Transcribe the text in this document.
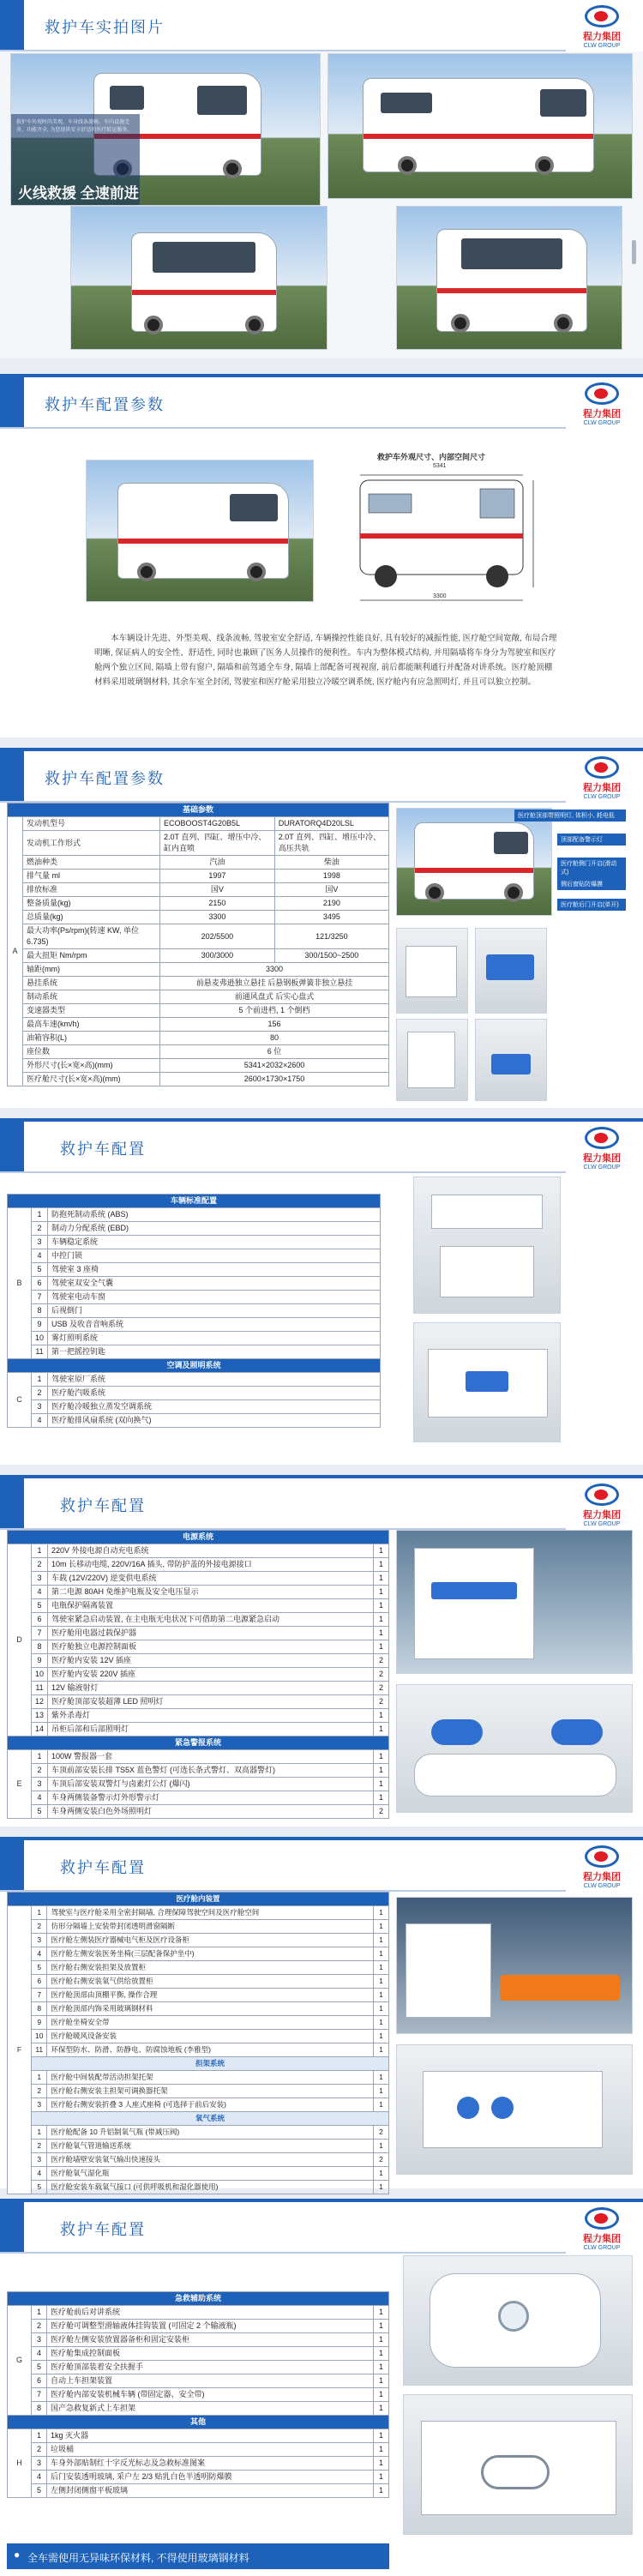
救护车实拍图片	程力集团
CLW GROUP
救护车外观时尚美观、车身线条流畅、车内设施完善、功能齐全, 为您提供安全舒适的医疗转运服务。
火线救援 全速前进
救护车配置参数	程力集团
CLW GROUP
救护车外观尺寸、内部空间尺寸
5341
3300
本车辆设计先进、外型美观、线条流畅, 驾驶室安全舒适, 车辆操控性能良好, 具有较好的减振性能, 医疗舱空间宽敞, 布局合理明晰, 保证病人的安全性、舒适性, 同时也兼顾了医务人员操作的便利性。车内为整体模式结构, 并用隔墙将车身分为驾驶室和医疗舱两个独立区间, 隔墙上带有窗户, 隔墙和前驾通全车身, 隔墙上部配备可视视窗, 前后都能顺利通行并配备对讲系统。医疗舱顶棚材料采用玻璃钢材料, 其余车室全封闭, 驾驶室和医疗舱采用独立冷暖空调系统, 医疗舱内有应急照明灯, 并且可以独立控制。
救护车配置参数	程力集团
CLW GROUP
基础参数			
A	发动机型号	ECOBOOST4G20B5L	DURATORQ4D20LSL
	发动机工作形式	2.0T 直列、四缸、增压中冷、缸内直喷	2.0T 直列、四缸、增压中冷、高压共轨
	燃油种类	汽油	柴油
	排气量 ml	1997	1998
	排放标准	国V	国V
	整备质量(kg)	2150	2190
	总质量(kg)	3300	3495
	最大功率(Ps/rpm)(转速 KW, 单位 6.735)	202/5500	121/3250
	最大扭矩 Nm/rpm	300/3000	300/1500~2500
	轴距(mm)	3300	
	悬挂系统	前悬麦弗逊独立悬挂 后悬钢板弹簧非独立悬挂	
	制动系统	前通风盘式 后实心盘式	
	变速器类型	5 个前进档, 1 个倒档	
	最高车速(km/h)	156	
	油箱容积(L)	80	
	座位数	6 位	
	外形尺寸(长×宽×高)(mm)	5341×2032×2600	
	医疗舱尺寸(长×宽×高)(mm)	2600×1730×1750	
医疗舱顶部带照明灯, 体积小, 耗电低
顶部配备警示灯
医疗舱侧门开启(滑动式)
侧后窗贴防爆膜
医疗舱后门开启(单开)
救护车配置	程力集团
CLW GROUP
车辆标准配置		
B	1	防抱死制动系统 (ABS)
	2	制动力分配系统 (EBD)
	3	车辆稳定系统
	4	中控门锁
	5	驾驶室 3 座椅
	6	驾驶室双安全气囊
	7	驾驶室电动车窗
	8	后视倒门
	9	USB 及收音音响系统
	10	雾灯照明系统
	11	第一把摇控钥匙
空调及照明系统		
C	1	驾驶室原厂系统
	2	医疗舱汽吸系统
	3	医疗舱冷暖独立蒸发空调系统
	4	医疗舱排风扇系统 (双向换气)
救护车配置	程力集团
CLW GROUP
电源系统			
D	1	220V 外接电源自动充电系统	1
	2	10m 长移动电缆, 220V/16A 插头, 带防护盖的外接电源接口	1
	3	车载 (12V/220V) 逆变供电系统	1
	4	第二电源 80AH 免维护电瓶及安全电压显示	1
	5	电瓶保护隔离装置	1
	6	驾驶室紧急启动装置, 在主电瓶无电状况下可借助第二电源紧急启动	1
	7	医疗舱用电器过载保护器	1
	8	医疗舱独立电源控制面板	1
	9	医疗舱内安装 12V 插座	2
	10	医疗舱内安装 220V 插座	2
	11	12V 输液射灯	2
	12	医疗舱顶部安装超薄 LED 照明灯	2
	13	紫外杀毒灯	1
	14	吊柜后部和后部照明灯	1
紧急警报系统			
E	1	100W 警报器一套	1
	2	车顶前部安装长排 TS5X 蓝色警灯 (可选长条式警灯、双高器警灯)	1
	3	车顶后部安装双警灯与卤素灯公灯 (爆闪)	1
	4	车身两侧装备警示灯外形警示灯	1
	5	车身两侧安装白色外场照明灯	2
救护车配置	程力集团
CLW GROUP
医疗舱内装置			
F	1	驾驶室与医疗舱采用全密封隔墙, 合理保障驾驶空间及医疗舱空间	1
	2	仿形分隔墙上安装带封闭透明滑窗隔断	1
	3	医疗舱左侧装医疗器械电气柜及医疗设备柜	1
	4	医疗舱左侧安装医务坐椅(三层配备保护坐中)	1
	5	医疗舱右侧安装担架及放置柜	1
	6	医疗舱右侧安装氧气供给放置柜	1
	7	医疗舱顶部由顶棚平衡, 操作合理	1
	8	医疗舱顶部内饰采用玻璃钢材料	1
	9	医疗舱坐椅安全带	1
	10	医疗舱暖风设备安装	1
	11	环保型防水、防滑、防静电、防腐蚀地板 (李雅型)	1
	担架系统		
	1	医疗舱中间装配带活动担架托架	1
	2	医疗舱右侧安装主担架可调换器托架	1
	3	医疗舱右侧安装折叠 3 人座式座椅 (可选择于前后安装)	1
	氧气系统		
	1	医疗舱配备 10 升铝制氧气瓶 (带减压阀)	2
	2	医疗舱氧气管道输送系统	1
	3	医疗舱墙壁安装氧气输出快速接头	2
	4	医疗舱氧气湿化瓶	1
	5	医疗舱安装车载氧气接口 (可供呼吸机和湿化器使用)	1
救护车配置	程力集团
CLW GROUP
急救辅助系统			
G	1	医疗舱前后对讲系统	1
	2	医疗舱可调整型滑轴液体挂钩装置 (可固定 2 个输液瓶)	1
	3	医疗舱左侧安装放置器备柜和固定安装柜	1
	4	医疗舱集成控制面板	1
	5	医疗舱顶部装着安全扶握手	1
	6	自动上车担架装置	1
	7	医疗舱内部安装机械车辆 (带固定器、安全带)	1
	8	国产急救复新式上车担架	1
其他			
H	1	1kg 灭火器	1
	2	垃圾桶	1
	3	车身外部贴制红十字反光标志及急救标准图案	1
	4	后门安装透明玻璃, 采户左 2/3 贴乳白色半透明防爆膜	1
	5	左侧封闭侧窗平板玻璃	1
● 全车需使用无异味环保材料, 不得使用玻璃钢材料
